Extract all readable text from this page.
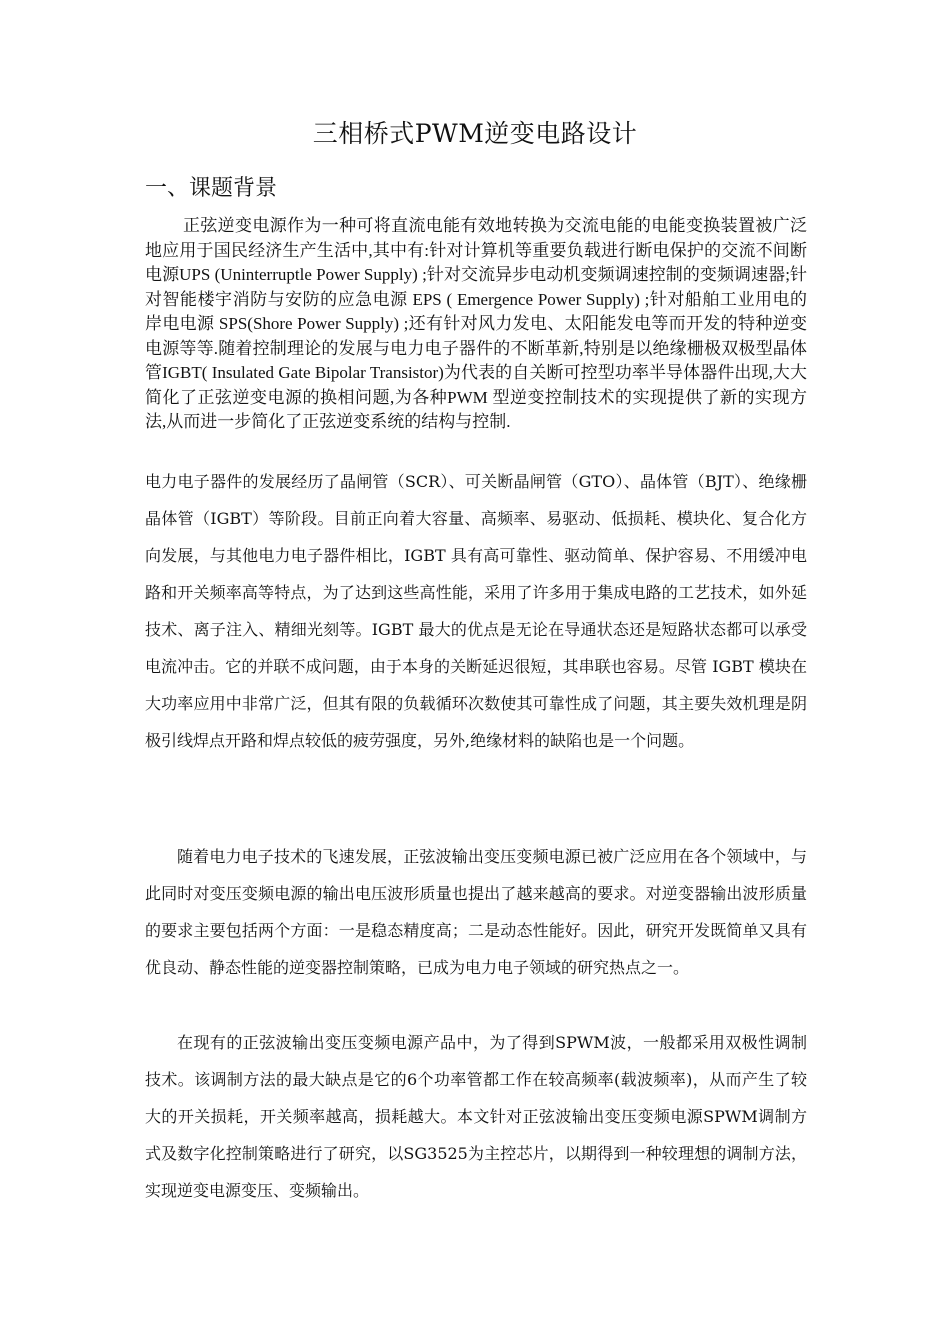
三相桥式PWM逆变电路设计
一、课题背景

正弦逆变电源作为一种可将直流电能有效地转换为交流电能的电能变换装置被广泛地应用于国民经济生产生活中,其中有:针对计算机等重要负载进行断电保护的交流不间断电源UPS (Uninterruptle Power Supply) ;针对交流异步电动机变频调速控制的变频调速器;针对智能楼宇消防与安防的应急电源 EPS ( Emergence Power Supply) ;针对船舶工业用电的岸电电源 SPS(Shore Power Supply) ;还有针对风力发电、太阳能发电等而开发的特种逆变电源等等.随着控制理论的发展与电力电子器件的不断革新,特别是以绝缘栅极双极型晶体管IGBT( Insulated Gate Bipolar Transistor)为代表的自关断可控型功率半导体器件出现,大大简化了正弦逆变电源的换相问题,为各种PWM 型逆变控制技术的实现提供了新的实现方法,从而进一步简化了正弦逆变系统的结构与控制.

电力电子器件的发展经历了晶闸管（SCR）、可关断晶闸管（GTO）、晶体管（BJT）、绝缘栅晶体管（IGBT）等阶段。目前正向着大容量、高频率、易驱动、低损耗、模块化、复合化方向发展，与其他电力电子器件相比，IGBT 具有高可靠性、驱动简单、保护容易、不用缓冲电路和开关频率高等特点，为了达到这些高性能，采用了许多用于集成电路的工艺技术，如外延技术、离子注入、精细光刻等。IGBT 最大的优点是无论在导通状态还是短路状态都可以承受电流冲击。它的并联不成问题，由于本身的关断延迟很短，其串联也容易。尽管 IGBT 模块在大功率应用中非常广泛，但其有限的负载循环次数使其可靠性成了问题，其主要失效机理是阴极引线焊点开路和焊点较低的疲劳强度，另外,绝缘材料的缺陷也是一个问题。

随着电力电子技术的飞速发展，正弦波输出变压变频电源已被广泛应用在各个领域中，与此同时对变压变频电源的输出电压波形质量也提出了越来越高的要求。对逆变器输出波形质量的要求主要包括两个方面：一是稳态精度高；二是动态性能好。因此，研究开发既简单又具有优良动、静态性能的逆变器控制策略，已成为电力电子领域的研究热点之一。
在现有的正弦波输出变压变频电源产品中，为了得到SPWM波，一般都采用双极性调制技术。该调制方法的最大缺点是它的6个功率管都工作在较高频率(载波频率)，从而产生了较大的开关损耗，开关频率越高，损耗越大。本文针对正弦波输出变压变频电源SPWM调制方式及数字化控制策略进行了研究，以SG3525为主控芯片，以期得到一种较理想的调制方法，实现逆变电源变压、变频输出。
